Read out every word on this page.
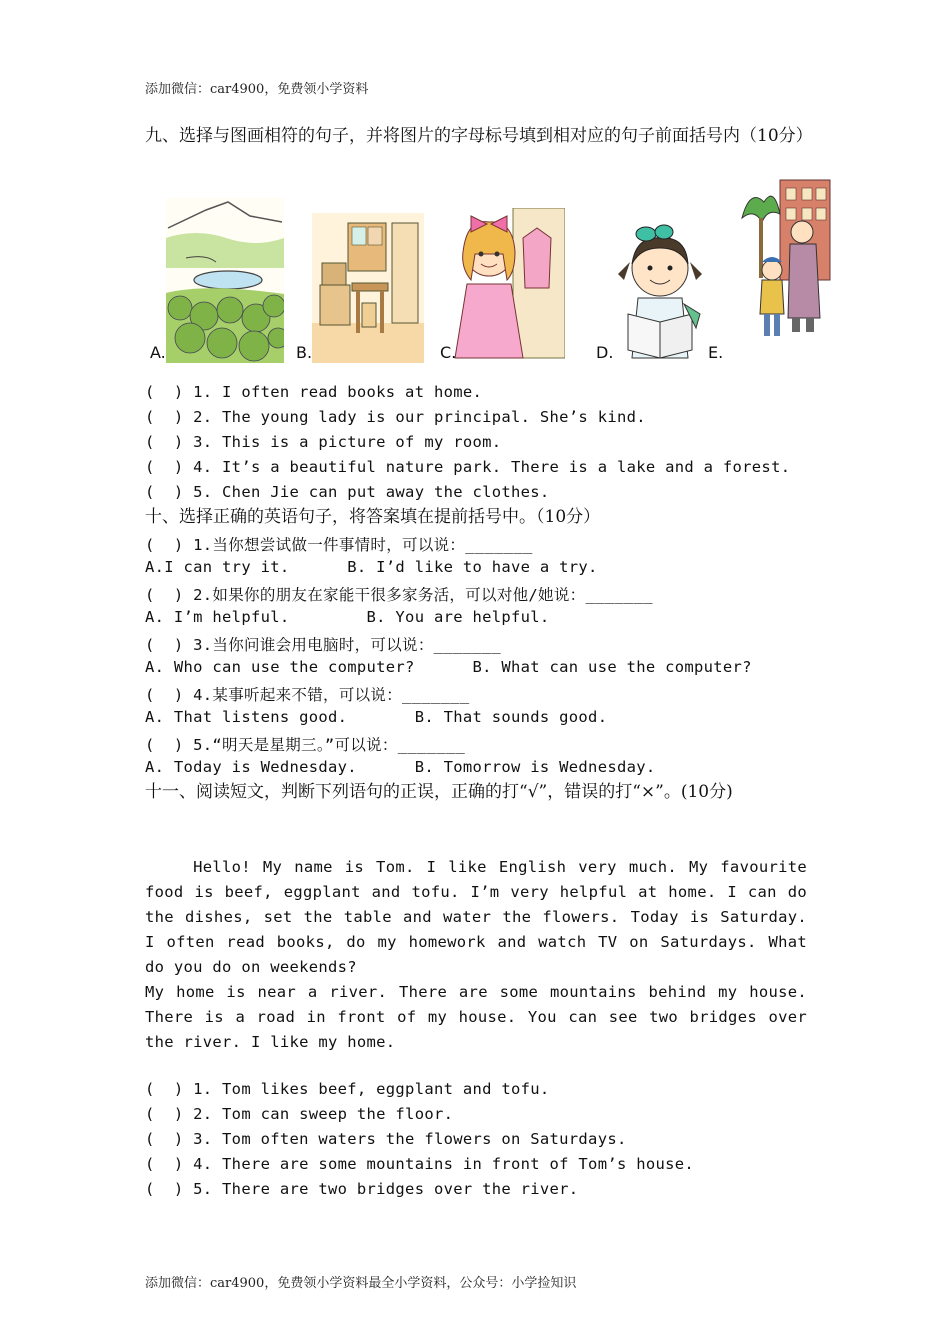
添加微信：car4900，免费领小学资料
九、选择与图画相符的句子，并将图片的字母标号填到相对应的句子前面括号内（10分）
A.	B.	C.	D.	E.
(  ) 1. I often read books at home.
(  ) 2. The young lady is our principal. She’s kind.
(  ) 3. This is a picture of my room.
(  ) 4. It’s a beautiful nature park. There is a lake and a forest.
(  ) 5. Chen Jie can put away the clothes.
十、选择正确的英语句子，将答案填在提前括号中。（10分）
(  ) 1.当你想尝试做一件事情时，可以说：_______
A.I can try it.      B. I’d like to have a try.
(  ) 2.如果你的朋友在家能干很多家务活，可以对他/她说：_______
A. I’m helpful.        B. You are helpful.
(  ) 3.当你问谁会用电脑时，可以说：_______
A. Who can use the computer?      B. What can use the computer?
(  ) 4.某事听起来不错，可以说：_______
A. That listens good.       B. That sounds good.
(  ) 5.“明天是星期三。”可以说：_______
A. Today is Wednesday.      B. Tomorrow is Wednesday.
十一、阅读短文，判断下列语句的正误，正确的打“√”，错误的打“×”。(10分)
Hello! My name is Tom. I like English very much. My favourite food is beef, eggplant and tofu. I’m very helpful at home. I can do the dishes, set the table and water the flowers. Today is Saturday. I often read books, do my homework and watch TV on Saturdays. What do you do on weekends?
My home is near a river. There are some mountains behind my house. There is a road in front of my house. You can see two bridges over the river. I like my home.
(  ) 1. Tom likes beef, eggplant and tofu.
(  ) 2. Tom can sweep the floor.
(  ) 3. Tom often waters the flowers on Saturdays.
(  ) 4. There are some mountains in front of Tom’s house.
(  ) 5. There are two bridges over the river.
添加微信：car4900，免费领小学资料最全小学资料，公众号：小学捡知识
